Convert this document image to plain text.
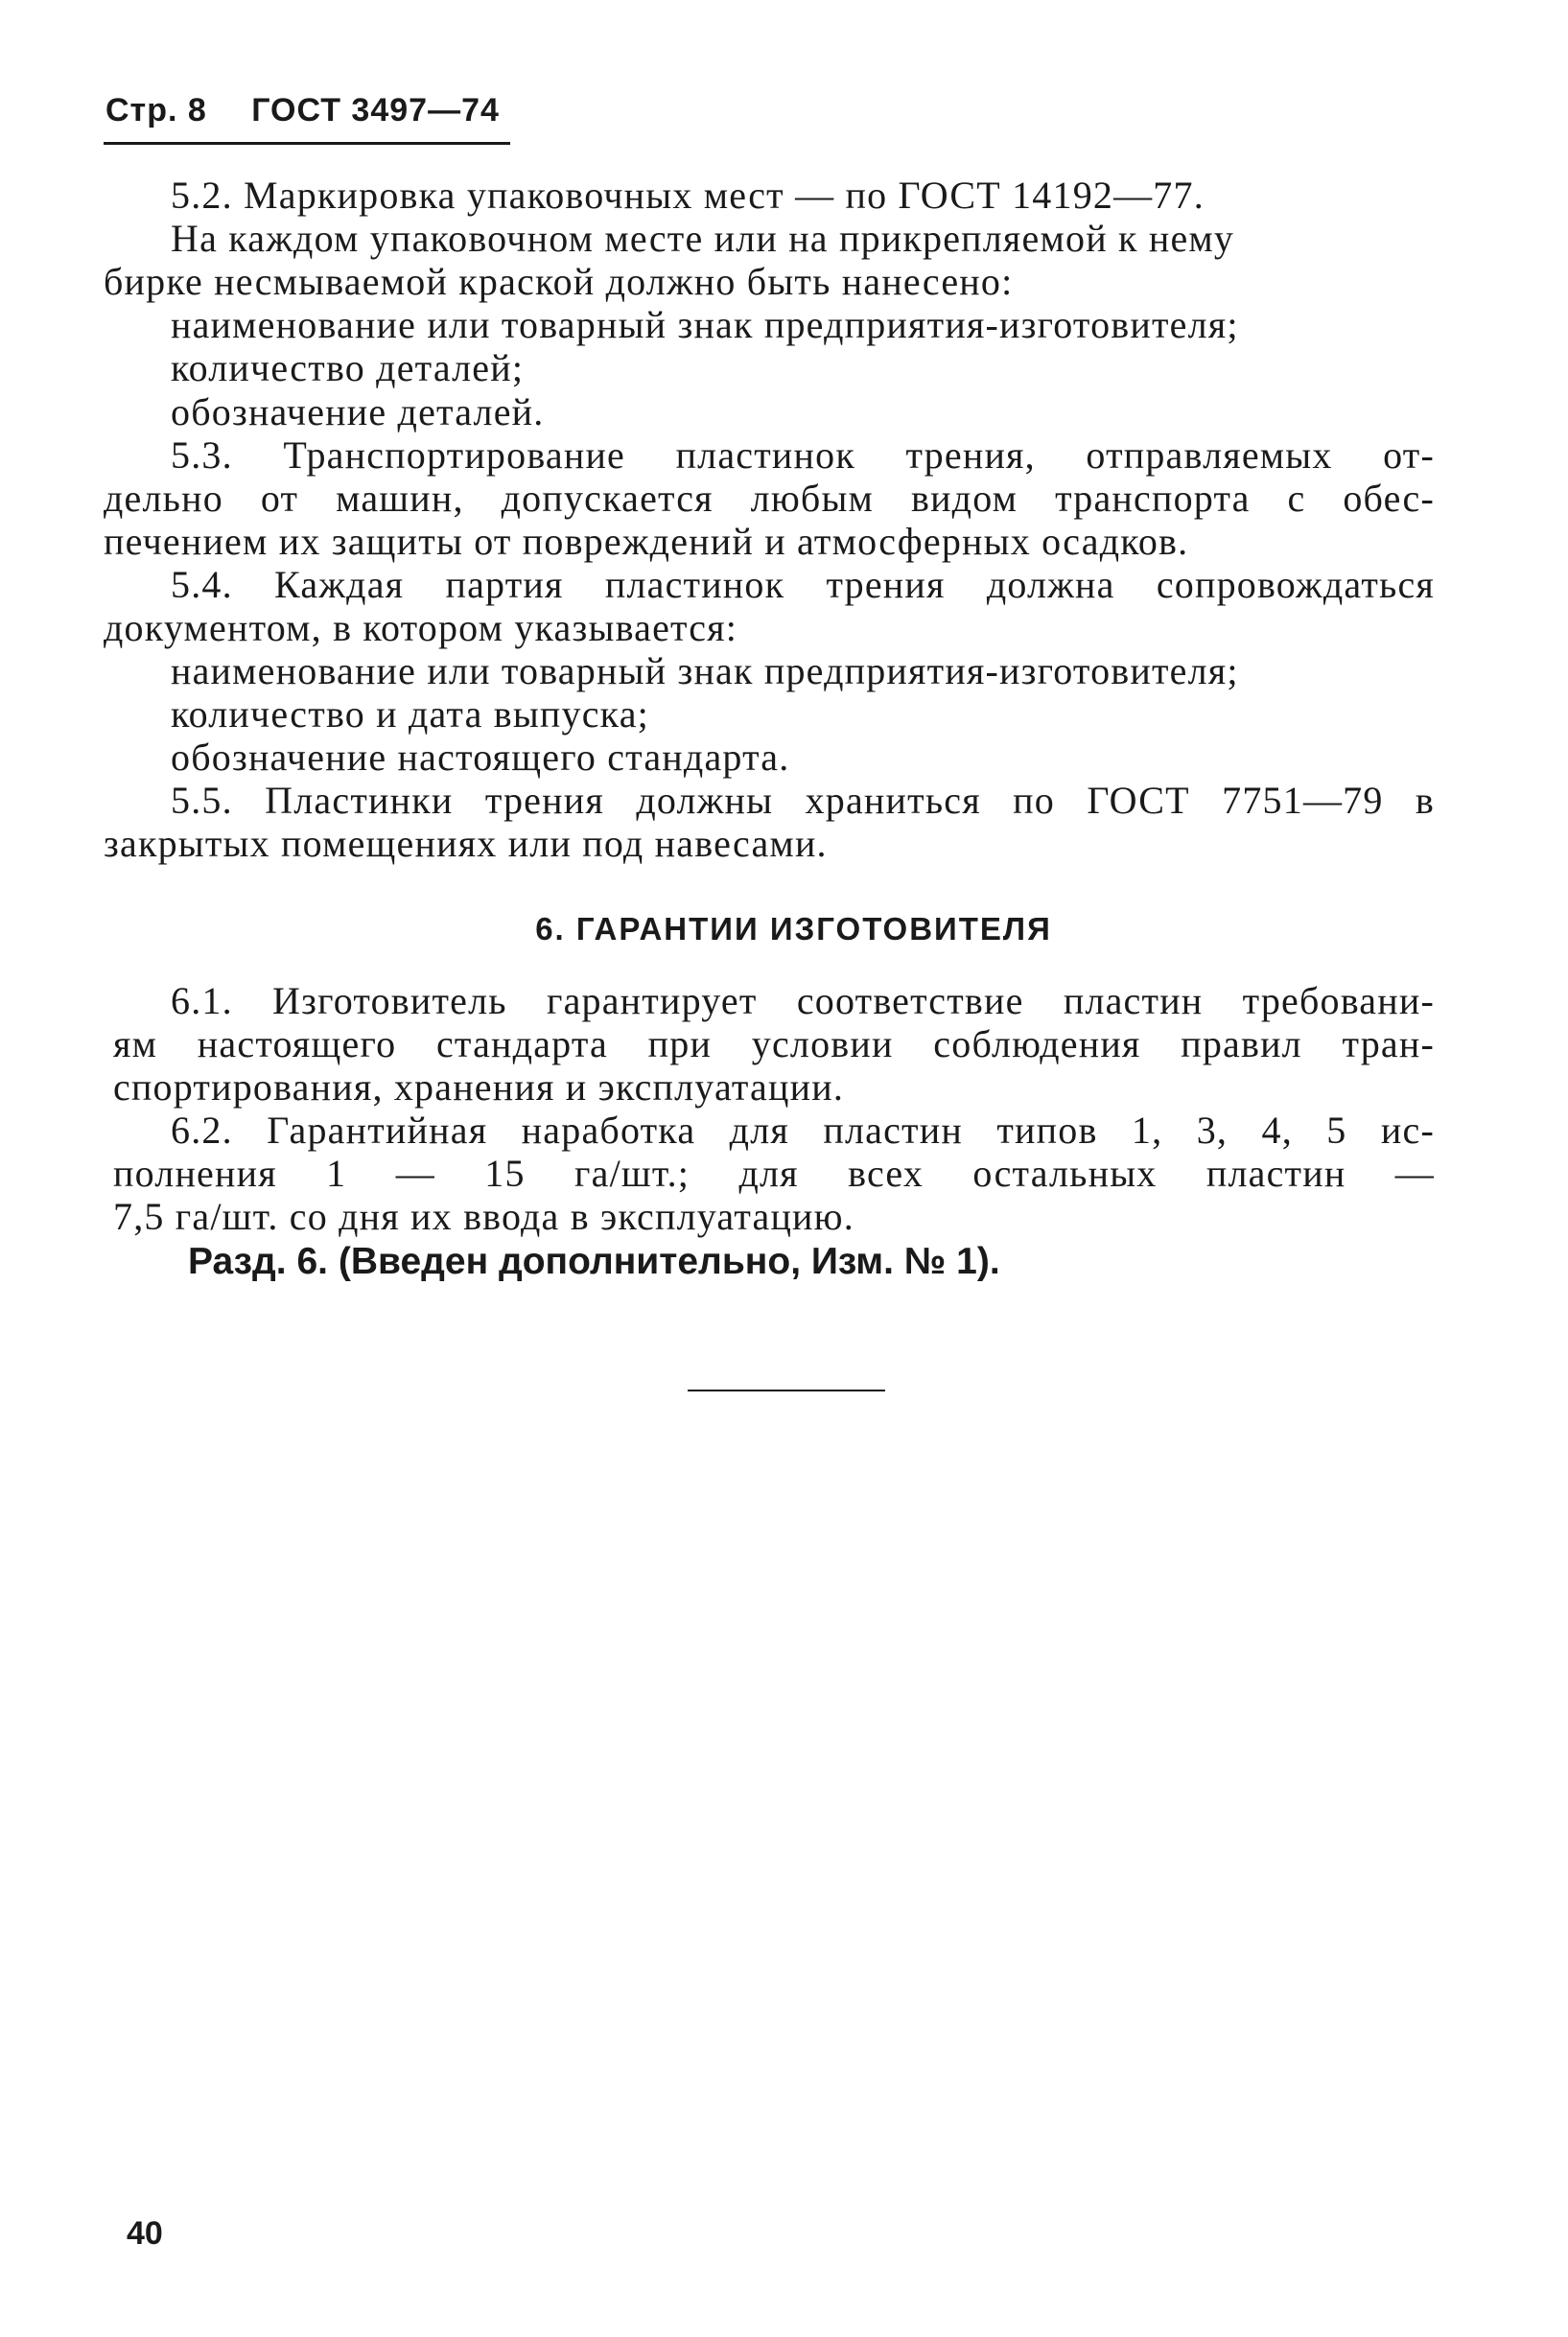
Стр. 8 ГОСТ 3497—74
5.2. Маркировка упаковочных мест — по ГОСТ 14192—77.
На каждом упаковочном месте или на прикрепляемой к нему
бирке несмываемой краской должно быть нанесено:
наименование или товарный знак предприятия-изготовителя;
количество деталей;
обозначение деталей.
5.3. Транспортирование пластинок трения, отправляемых от-
дельно от машин, допускается любым видом транспорта с обес-
печением их защиты от повреждений и атмосферных осадков.
5.4. Каждая партия пластинок трения должна сопровождаться
документом, в котором указывается:
наименование или товарный знак предприятия-изготовителя;
количество и дата выпуска;
обозначение настоящего стандарта.
5.5. Пластинки трения должны храниться по ГОСТ 7751—79 в
закрытых помещениях или под навесами.
6. ГАРАНТИИ ИЗГОТОВИТЕЛЯ
6.1. Изготовитель гарантирует соответствие пластин требовани-
ям настоящего стандарта при условии соблюдения правил тран-
спортирования, хранения и эксплуатации.
6.2. Гарантийная наработка для пластин типов 1, 3, 4, 5 ис-
полнения 1 — 15 га/шт.; для всех остальных пластин —
7,5 га/шт. со дня их ввода в эксплуатацию.
Разд. 6. (Введен дополнительно, Изм. № 1).
40
